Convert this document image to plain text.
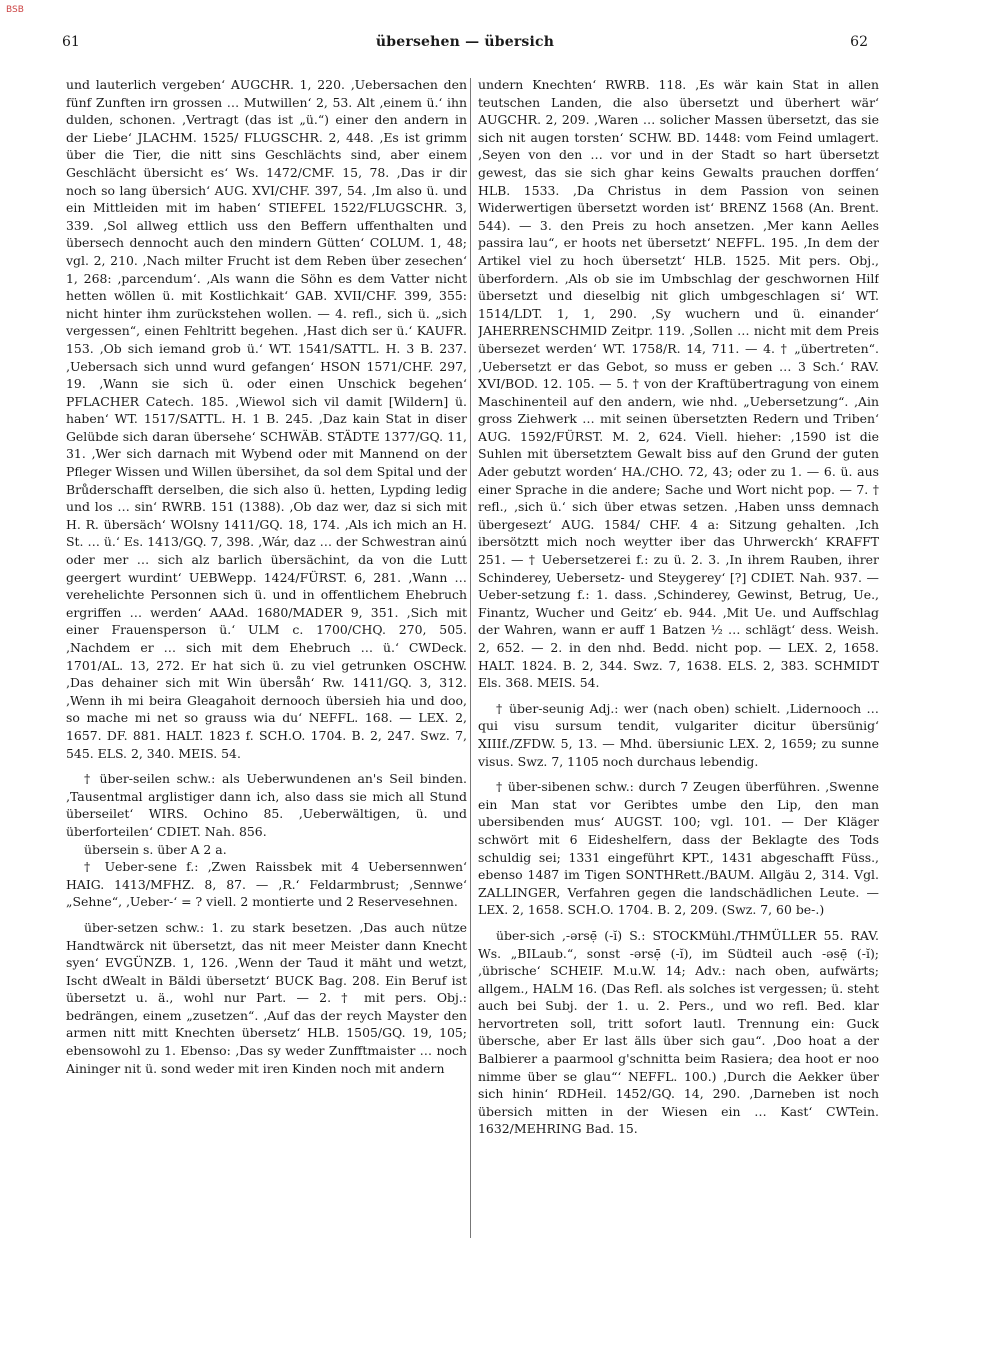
BSB
61	übersehen — übersich	62

und lauterlich vergeben‘ AUGCHR. 1, 220. ‚Uebersachen den fünf Zunften irn grossen … Mutwillen‘ 2, 53. Alt ‚einem ü.‘ ihn dulden, schonen. ‚Vertragt (das ist „ü.“) einer den andern in der Liebe‘ JLACHM. 1525/ FLUGSCHR. 2, 448. ‚Es ist grimm über die Tier, die nitt sins Geschlächts sind, aber einem Geschlächt übersicht es‘ Ws. 1472/CMF. 15, 78. ‚Das ir dir noch so lang übersich‘ AUG. XVI/CHF. 397, 54. ‚Im also ü. und ein Mittleiden mit im haben‘ STIEFEL 1522/FLUGSCHR. 3, 339. ‚Sol allweg ettlich uss den Beffern uffenthalten und übersech dennocht auch den mindern Gütten‘ COLUM. 1, 48; vgl. 2, 210. ‚Nach milter Frucht ist dem Reben über zesechen‘ 1, 268: ‚parcendum‘. ‚Als wann die Söhn es dem Vatter nicht hetten wöllen ü. mit Kostlichkait‘ GAB. XVII/CHF. 399, 355: nicht hinter ihm zurückstehen wollen. — 4. refl., sich ü. „sich vergessen“, einen Fehltritt begehen. ‚Hast dich ser ü.‘ KAUFR. 153. ‚Ob sich iemand grob ü.‘ WT. 1541/SATTL. H. 3 B. 237. ‚Uebersach sich unnd wurd gefangen‘ HSON 1571/CHF. 297, 19. ‚Wann sie sich ü. oder einen Unschick begehen‘ PFLACHER Catech. 185. ‚Wiewol sich vil damit [Wildern] ü. haben‘ WT. 1517/SATTL. H. 1 B. 245. ‚Daz kain Stat in diser Gelübde sich daran übersehe‘ SCHWÄB. STÄDTE 1377/GQ. 11, 31. ‚Wer sich darnach mit Wybend oder mit Mannend on der Pfleger Wissen und Willen übersihet, da sol dem Spital und der Brůderschafft derselben, die sich also ü. hetten, Lypding ledig und los … sin‘ RWRB. 151 (1388). ‚Ob daz wer, daz si sich mit H. R. übersäch‘ WOlsny 1411/GQ. 18, 174. ‚Als ich mich an H. St. … ü.‘ Es. 1413/GQ. 7, 398. ‚Wár, daz … der Schwestran ainú oder mer … sich alz barlich übersächint, da von die Lutt geergert wurdint‘ UEBWepp. 1424/FÜRST. 6, 281. ‚Wann … verehelichte Personnen sich ü. und in offentlichem Ehebruch ergriffen … werden‘ AAAd. 1680/MADER 9, 351. ‚Sich mit einer Frauensperson ü.‘ ULM c. 1700/CHQ. 270, 505. ‚Nachdem er … sich mit dem Ehebruch … ü.‘ CWDeck. 1701/AL. 13, 272. Er hat sich ü. zu viel getrunken OSCHW. ‚Das dehainer sich mit Win übersåh‘ Rw. 1411/GQ. 3, 312. ‚Wenn ih mi beira Gleagahoit dernooch übersieh hia und doo, so mache mi net so grauss wia du‘ NEFFL. 168. — LEX. 2, 1657. DF. 881. HALT. 1823 f. SCH.O. 1704. B. 2, 247. Swz. 7, 545. ELS. 2, 340. MEIS. 54.

† über-seilen schw.: als Ueberwundenen an's Seil binden. ‚Tausentmal arglistiger dann ich, also dass sie mich all Stund überseilet‘ WIRS. Ochino 85. ‚Ueberwältigen, ü. und überforteilen‘ CDIET. Nah. 856.

übersein s. über A 2 a.

† Ueber-sene f.: ‚Zwen Raissbek mit 4 Uebersennwen‘ HAIG. 1413/MFHZ. 8, 87. — ‚R.‘ Feldarmbrust; ‚Sennwe‘ „Sehne“, ‚Ueber-‘ = ? viell. 2 montierte und 2 Reservesehnen.

über-setzen schw.: 1. zu stark besetzen. ‚Das auch nütze Handtwärck nit übersetzt, das nit meer Meister dann Knecht syen‘ EVGÜNZB. 1, 126. ‚Wenn der Taud it mäht und wetzt, Ischt dWealt in Bäldi übersetzt‘ BUCK Bag. 208. Ein Beruf ist übersetzt u. ä., wohl nur Part. — 2. † mit pers. Obj.: bedrängen, einem „zusetzen“. ‚Auf das der reych Mayster den armen nitt mitt Knechten übersetz‘ HLB. 1505/GQ. 19, 105; ebensowohl zu 1. Ebenso: ‚Das sy weder Zunfftmaister … noch Aininger nit ü. sond weder mit iren Kinden noch mit andern

undern Knechten‘ RWRB. 118. ‚Es wär kain Stat in allen teutschen Landen, die also übersetzt und überhert wär‘ AUGCHR. 2, 209. ‚Waren … solicher Massen übersetzt, das sie sich nit augen torsten‘ SCHW. BD. 1448: vom Feind umlagert. ‚Seyen von den … vor und in der Stadt so hart übersetzt gewest, das sie sich ghar keins Gewalts prauchen dorffen‘ HLB. 1533. ‚Da Christus in dem Passion von seinen Widerwertigen übersetzt worden ist‘ BRENZ 1568 (An. Brent. 544). — 3. den Preis zu hoch ansetzen. ‚Mer kann Aelles passira lau“, er hoots net übersetzt‘ NEFFL. 195. ‚In dem der Artikel viel zu hoch übersetzt‘ HLB. 1525. Mit pers. Obj., überfordern. ‚Als ob sie im Umbschlag der geschwornen Hilf übersetzt und dieselbig nit glich umbgeschlagen si‘ WT. 1514/LDT. 1, 1, 290. ‚Sy wuchern und ü. einander‘ JAHERRENSCHMID Zeitpr. 119. ‚Sollen … nicht mit dem Preis übersezet werden‘ WT. 1758/R. 14, 711. — 4. † „übertreten“. ‚Uebersetzt er das Gebot, so muss er geben … 3 Sch.‘ RAV. XVI/BOD. 12. 105. — 5. † von der Kraftübertragung von einem Maschinenteil auf den andern, wie nhd. „Uebersetzung“. ‚Ain gross Ziehwerk … mit seinen übersetzten Redern und Triben‘ AUG. 1592/FÜRST. M. 2, 624. Viell. hieher: ‚1590 ist die Suhlen mit übersetztem Gewalt biss auf den Grund der guten Ader gebutzt worden‘ HA./CHO. 72, 43; oder zu 1. — 6. ü. aus einer Sprache in die andere; Sache und Wort nicht pop. — 7. † refl., ‚sich ü.‘ sich über etwas setzen. ‚Haben unss demnach übergesezt‘ AUG. 1584/ CHF. 4 a: Sitzung gehalten. ‚Ich ibersötztt mich noch weytter iber das Uhrwerckh‘ KRAFFT 251. — † Uebersetzerei f.: zu ü. 2. 3. ‚In ihrem Rauben, ihrer Schinderey, Uebersetz- und Steygerey‘ [?] CDIET. Nah. 937. — Ueber-setzung f.: 1. dass. ‚Schinderey, Gewinst, Betrug, Ue., Finantz, Wucher und Geitz‘ eb. 944. ‚Mit Ue. und Auffschlag der Wahren, wann er auff 1 Batzen ½ … schlägt‘ dess. Weish. 2, 652. — 2. in den nhd. Bedd. nicht pop. — LEX. 2, 1658. HALT. 1824. B. 2, 344. Swz. 7, 1638. ELS. 2, 383. SCHMIDT Els. 368. MEIS. 54.

† über-seunig Adj.: wer (nach oben) schielt. ‚Lidernooch … qui visu sursum tendit, vulgariter dicitur übersünig‘ XIIIf./ZFDW. 5, 13. — Mhd. übersiunic LEX. 2, 1659; zu sunne visus. Swz. 7, 1105 noch durchaus lebendig.

† über-sibenen schw.: durch 7 Zeugen überführen. ‚Swenne ein Man stat vor Geribtes umbe den Lip, den man ubersibenden mus‘ AUGST. 100; vgl. 101. — Der Kläger schwört mit 6 Eideshelfern, dass der Beklagte des Tods schuldig sei; 1331 eingeführt KPT., 1431 abgeschafft Füss., ebenso 1487 im Tigen SONTHRett./BAUM. Allgäu 2, 314. Vgl. ZALLINGER, Verfahren gegen die landschädlichen Leute. — LEX. 2, 1658. SCH.O. 1704. B. 2, 209. (Swz. 7, 60 be-.)

über-sich ‚-ərsẹ̄ (-ĭ) S.: STOCKMühl./THMÜLLER 55. RAV. Ws. „BILaub.“, sonst -ərsẹ̄ (-ĭ), im Südteil auch -əsẹ̄ (-ĭ); ‚übrische‘ SCHEIF. M.u.W. 14; Adv.: nach oben, aufwärts; allgem., HALM 16. (Das Refl. als solches ist vergessen; ü. steht auch bei Subj. der 1. u. 2. Pers., und wo refl. Bed. klar hervortreten soll, tritt sofort lautl. Trennung ein: Guck übersche, aber Er last älls über sich gau“. ‚Doo hoat a der Balbierer a paarmool g'schnitta beim Rasiera; dea hoot er noo nimme über se glau“‘ NEFFL. 100.) ‚Durch die Aekker über sich hinin‘ RDHeil. 1452/GQ. 14, 290. ‚Darneben ist noch übersich mitten in der Wiesen ein … Kast‘ CWTein. 1632/MEHRING Bad. 15.
